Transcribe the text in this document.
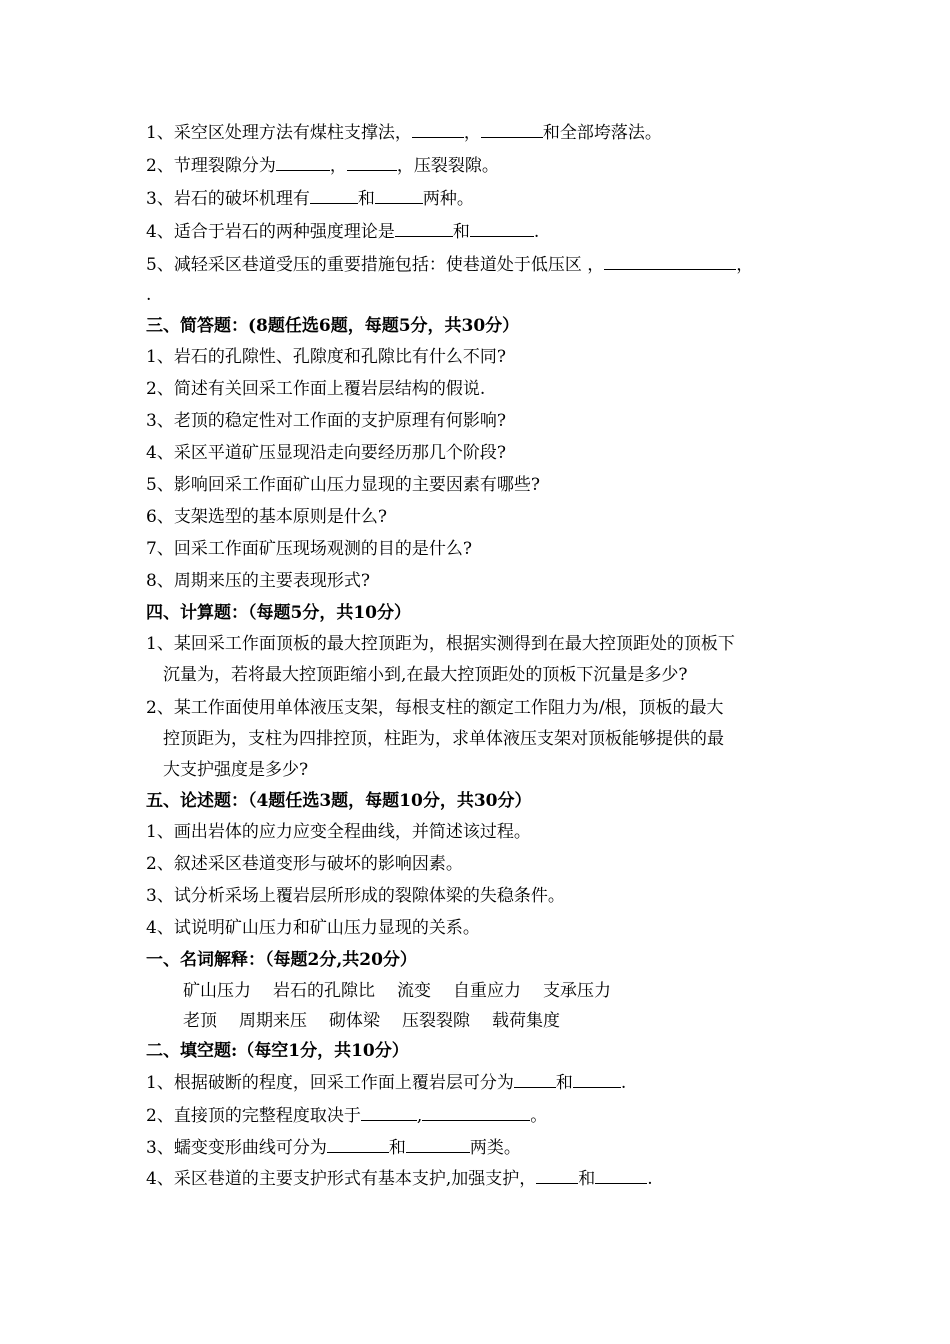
1、采空区处理方法有煤柱支撑法，	，	和全部垮落法。
2、节理裂隙分为	，	，压裂裂隙。
3、岩石的破坏机理有	和	两种。
4、适合于岩石的两种强度理论是	和	.
5、减轻采区巷道受压的重要措施包括：使巷道处于低压区 ，	，
.
三、简答题：(8题任选6题，每题5分，共30分）
1、岩石的孔隙性、孔隙度和孔隙比有什么不同?
2、简述有关回采工作面上覆岩层结构的假说.
3、老顶的稳定性对工作面的支护原理有何影响?
4、采区平道矿压显现沿走向要经历那几个阶段?
5、影响回采工作面矿山压力显现的主要因素有哪些?
6、支架选型的基本原则是什么?
7、回采工作面矿压现场观测的目的是什么?
8、周期来压的主要表现形式?
四、计算题：（每题5分，共10分）
1、某回采工作面顶板的最大控顶距为，根据实测得到在最大控顶距处的顶板下
沉量为，若将最大控顶距缩小到,在最大控顶距处的顶板下沉量是多少?
2、某工作面使用单体液压支架，每根支柱的额定工作阻力为/根，顶板的最大
控顶距为，支柱为四排控顶，柱距为，求单体液压支架对顶板能够提供的最
大支护强度是多少?
五、论述题：（4题任选3题，每题10分，共30分）
1、画出岩体的应力应变全程曲线，并简述该过程。
2、叙述采区巷道变形与破坏的影响因素。
3、试分析采场上覆岩层所形成的裂隙体梁的失稳条件。
4、试说明矿山压力和矿山压力显现的关系。
一、名词解释：（每题2分,共20分）
矿山压力 岩石的孔隙比 流变 自重应力 支承压力
老顶 周期来压 砌体梁 压裂裂隙 载荷集度
二、填空题:（每空1分，共10分）
1、根据破断的程度，回采工作面上覆岩层可分为 和	.
2、直接顶的完整程度取决于	,	。
3、蠕变变形曲线可分为	和	两类。
4、采区巷道的主要支护形式有基本支护,加强支护， 和	.
